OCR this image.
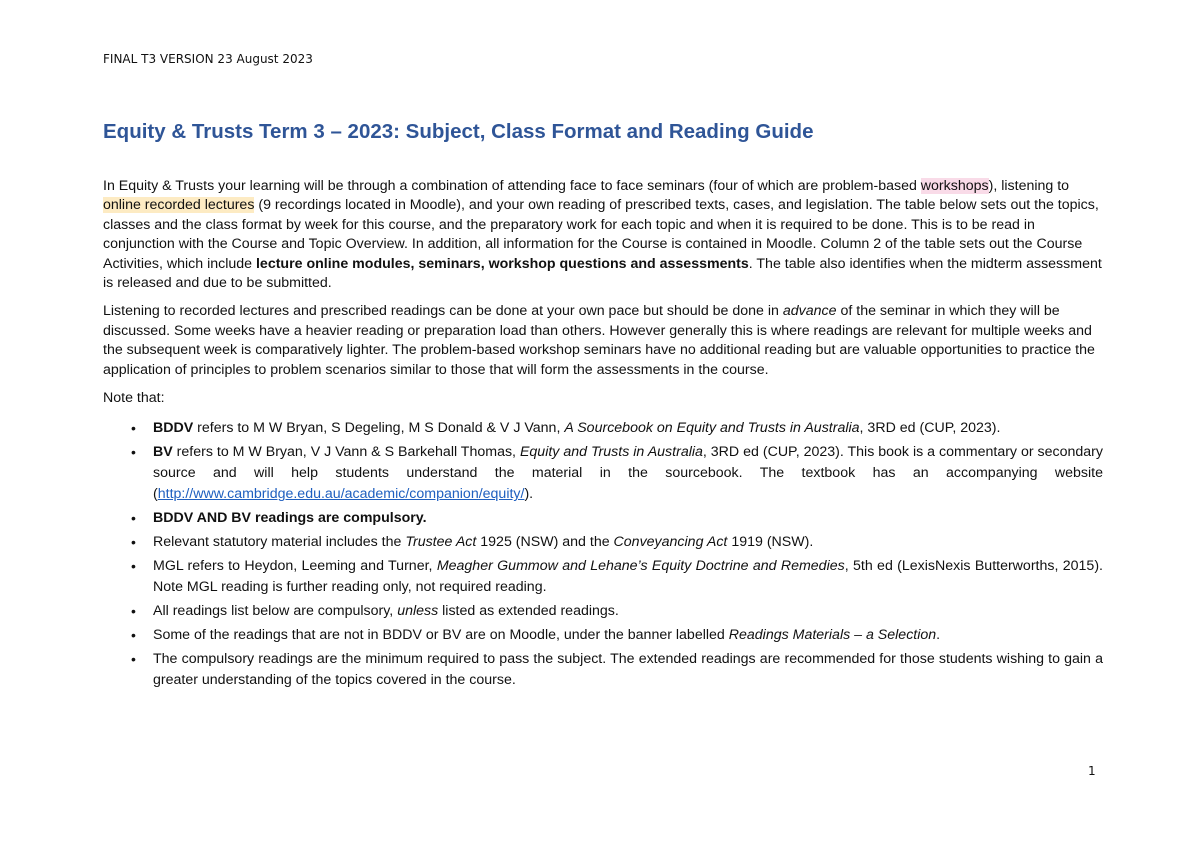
FINAL T3 VERSION 23 August 2023
Equity & Trusts Term 3 – 2023: Subject, Class Format and Reading Guide

In Equity & Trusts your learning will be through a combination of attending face to face seminars (four of which are problem-based workshops), listening to online recorded lectures (9 recordings located in Moodle), and your own reading of prescribed texts, cases, and legislation. The table below sets out the topics, classes and the class format by week for this course, and the preparatory work for each topic and when it is required to be done. This is to be read in conjunction with the Course and Topic Overview. In addition, all information for the Course is contained in Moodle. Column 2 of the table sets out the Course Activities, which include lecture online modules, seminars, workshop questions and assessments. The table also identifies when the midterm assessment is released and due to be submitted.

Listening to recorded lectures and prescribed readings can be done at your own pace but should be done in advance of the seminar in which they will be discussed. Some weeks have a heavier reading or preparation load than others. However generally this is where readings are relevant for multiple weeks and the subsequent week is comparatively lighter. The problem-based workshop seminars have no additional reading but are valuable opportunities to practice the application of principles to problem scenarios similar to those that will form the assessments in the course.

Note that:

• BDDV refers to M W Bryan, S Degeling, M S Donald & V J Vann, A Sourcebook on Equity and Trusts in Australia, 3RD ed (CUP, 2023).
• BV refers to M W Bryan, V J Vann & S Barkehall Thomas, Equity and Trusts in Australia, 3RD ed (CUP, 2023). This book is a commentary or secondary source and will help students understand the material in the sourcebook. The textbook has an accompanying website (http://www.cambridge.edu.au/academic/companion/equity/).
• BDDV AND BV readings are compulsory.
• Relevant statutory material includes the Trustee Act 1925 (NSW) and the Conveyancing Act 1919 (NSW).
• MGL refers to Heydon, Leeming and Turner, Meagher Gummow and Lehane’s Equity Doctrine and Remedies, 5th ed (LexisNexis Butterworths, 2015). Note MGL reading is further reading only, not required reading.
• All readings list below are compulsory, unless listed as extended readings.
• Some of the readings that are not in BDDV or BV are on Moodle, under the banner labelled Readings Materials – a Selection.
• The compulsory readings are the minimum required to pass the subject. The extended readings are recommended for those students wishing to gain a greater understanding of the topics covered in the course.
1
